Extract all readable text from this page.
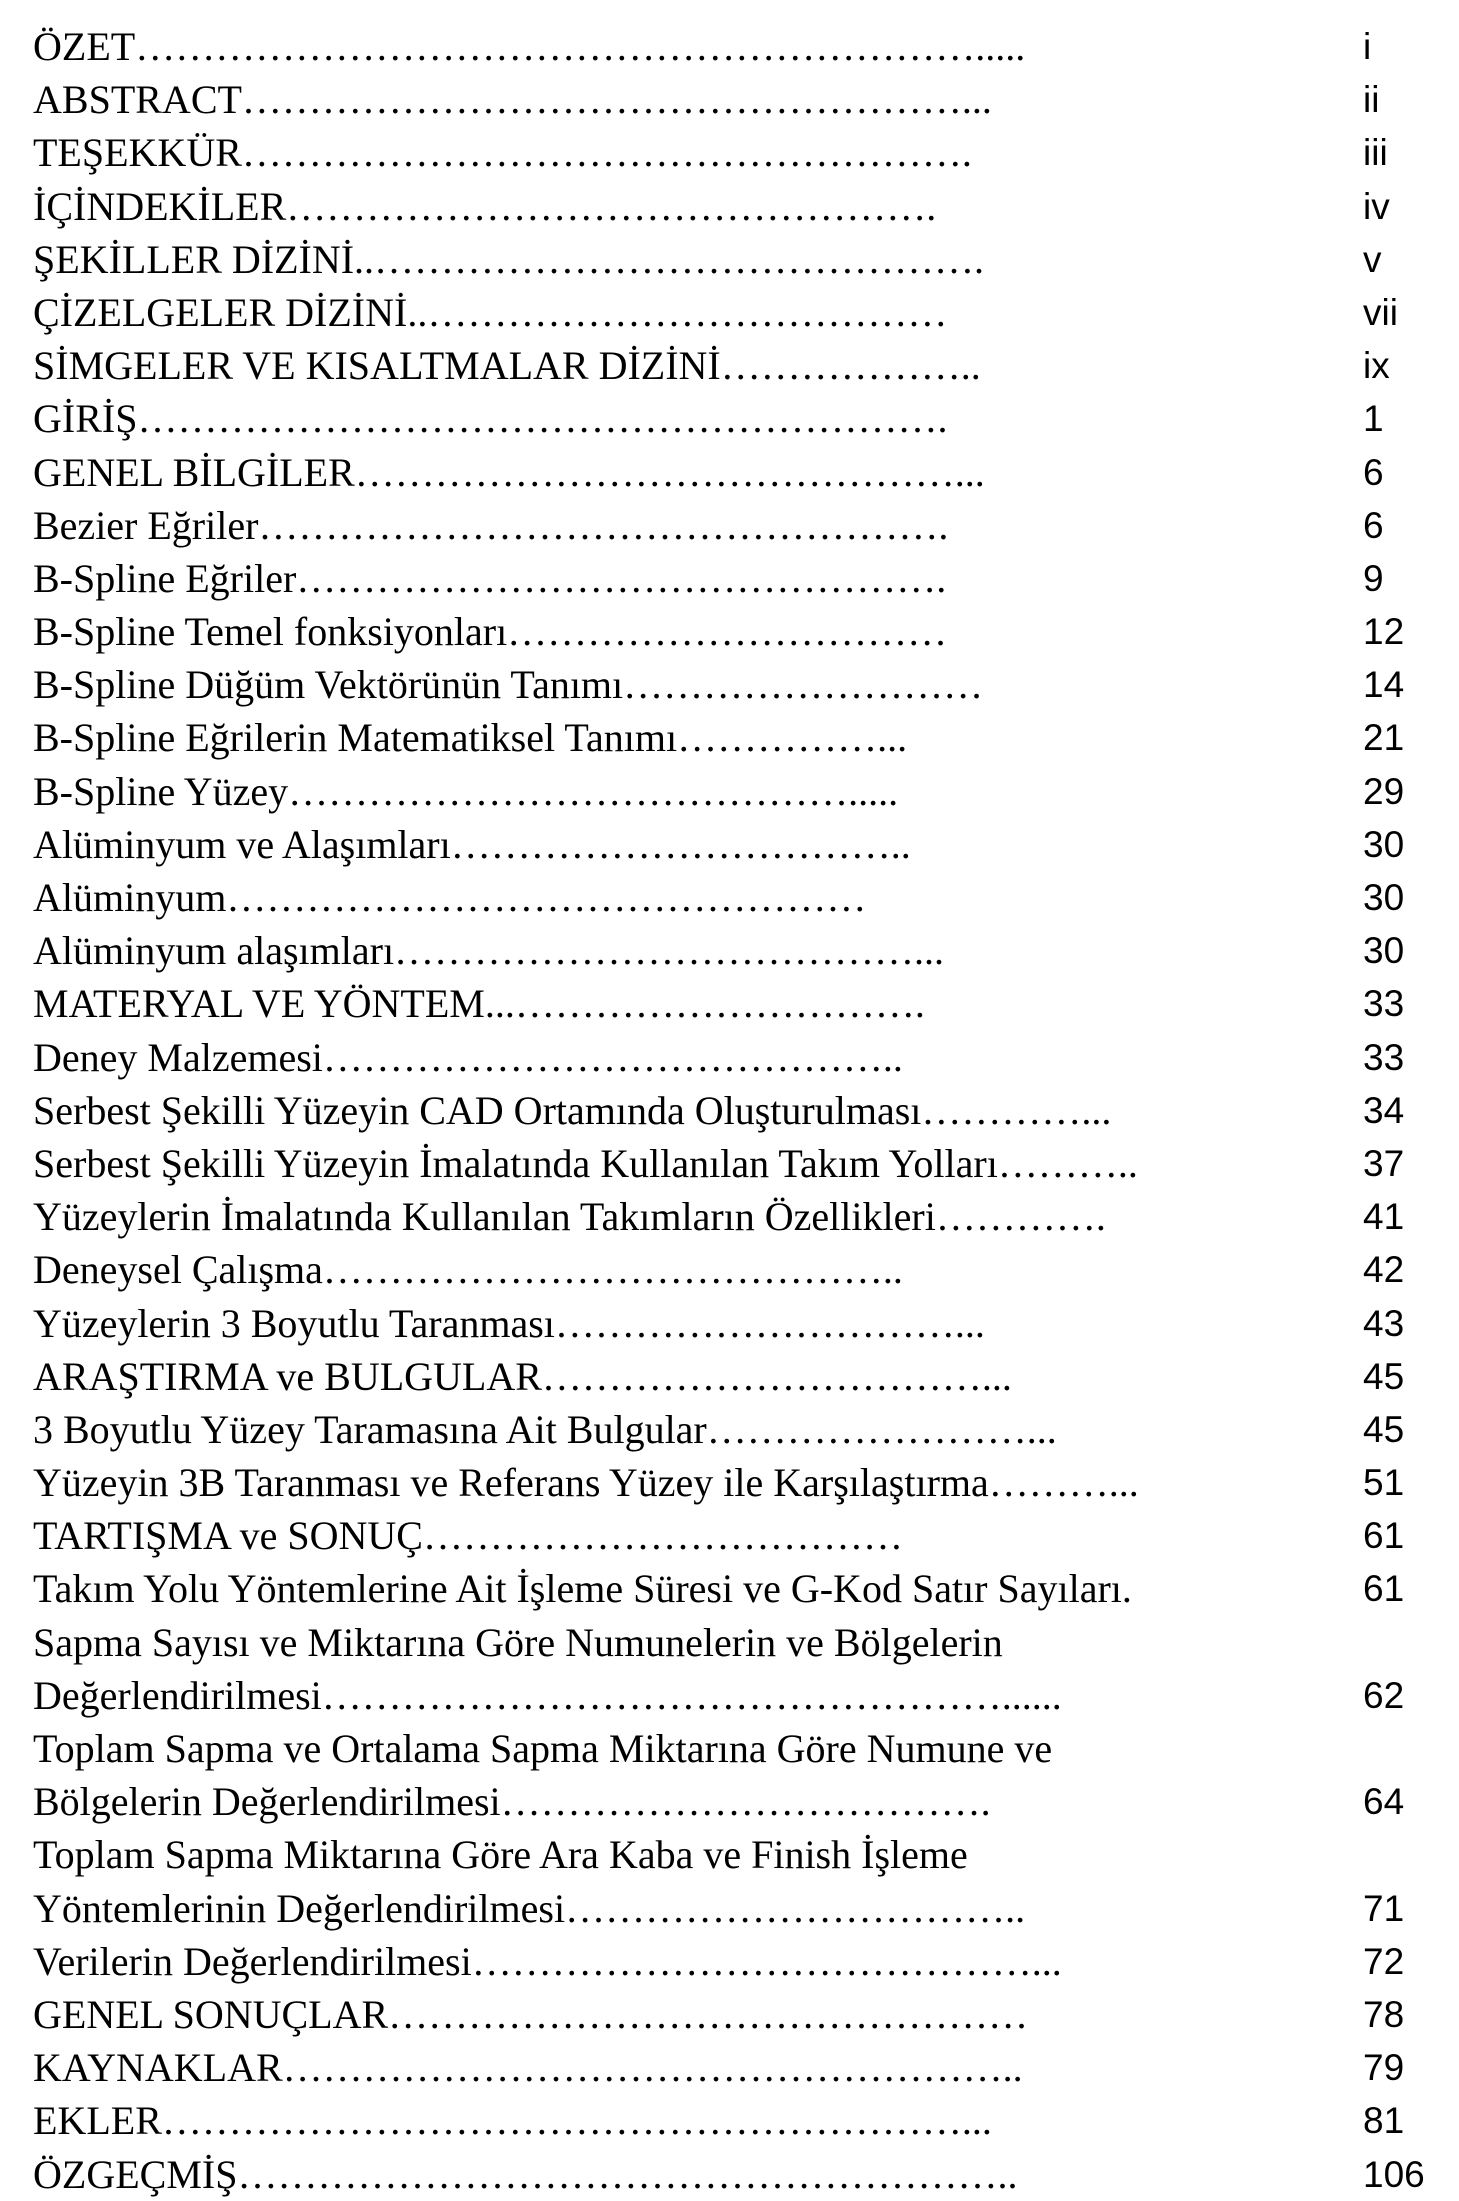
ÖZET……………………………………………………….....	i
ABSTRACT………………………………………………...	ii
TEŞEKKÜR……………………………………………….	iii
İÇİNDEKİLER………………………………………….	iv
ŞEKİLLER DİZİNİ..……………………………………….	v
ÇİZELGELER DİZİNİ..…………………………………	vii
SİMGELER VE KISALTMALAR DİZİNİ………………..	ix
GİRİŞ…………………………………………………….	1
GENEL BİLGİLER………………………………………...	6
Bezier Eğriler…………………………………………….	6
B-Spline Eğriler………………………………………….	9
B-Spline Temel fonksiyonları……………………………	12
B-Spline Düğüm Vektörünün Tanımı………………………	14
B-Spline Eğrilerin Matematiksel Tanımı……………...	21
B-Spline Yüzey…………………………………….....	29
Alüminyum ve Alaşımları……………………………..	30
Alüminyum…………………………………………	30
Alüminyum alaşımları…………………………………...	30
MATERYAL VE YÖNTEM...………………………….	33
Deney Malzemesi……………………………………..	33
Serbest Şekilli Yüzeyin CAD Ortamında Oluşturulması…………...	34
Serbest Şekilli Yüzeyin İmalatında Kullanılan Takım Yolları………..	37
Yüzeylerin İmalatında Kullanılan Takımların Özellikleri………….	41
Deneysel Çalışma……………………………………..	42
Yüzeylerin 3 Boyutlu Taranması…………………………...	43
ARAŞTIRMA ve BULGULAR……………………………...	45
3 Boyutlu Yüzey Taramasına Ait Bulgular……………………...	45
Yüzeyin 3B Taranması ve Referans Yüzey ile Karşılaştırma………...	51
TARTIŞMA ve SONUÇ………………………………	61
Takım Yolu Yöntemlerine Ait İşleme Süresi ve G-Kod Satır Sayıları.	61
Sapma Sayısı ve Miktarına Göre Numunelerin ve Bölgelerin
Değerlendirilmesi……………………………………………......	62
Toplam Sapma ve Ortalama Sapma Miktarına Göre Numune ve
Bölgelerin Değerlendirilmesi……………………………….	64
Toplam Sapma Miktarına Göre Ara Kaba ve Finish İşleme
Yöntemlerinin Değerlendirilmesi……………………………..	71
Verilerin Değerlendirilmesi……………………………………...	72
GENEL SONUÇLAR…………………………………………	78
KAYNAKLAR………………………………………………..	79
EKLER……………………………………………………...	81
ÖZGEÇMİŞ…………………………………………………..	106
